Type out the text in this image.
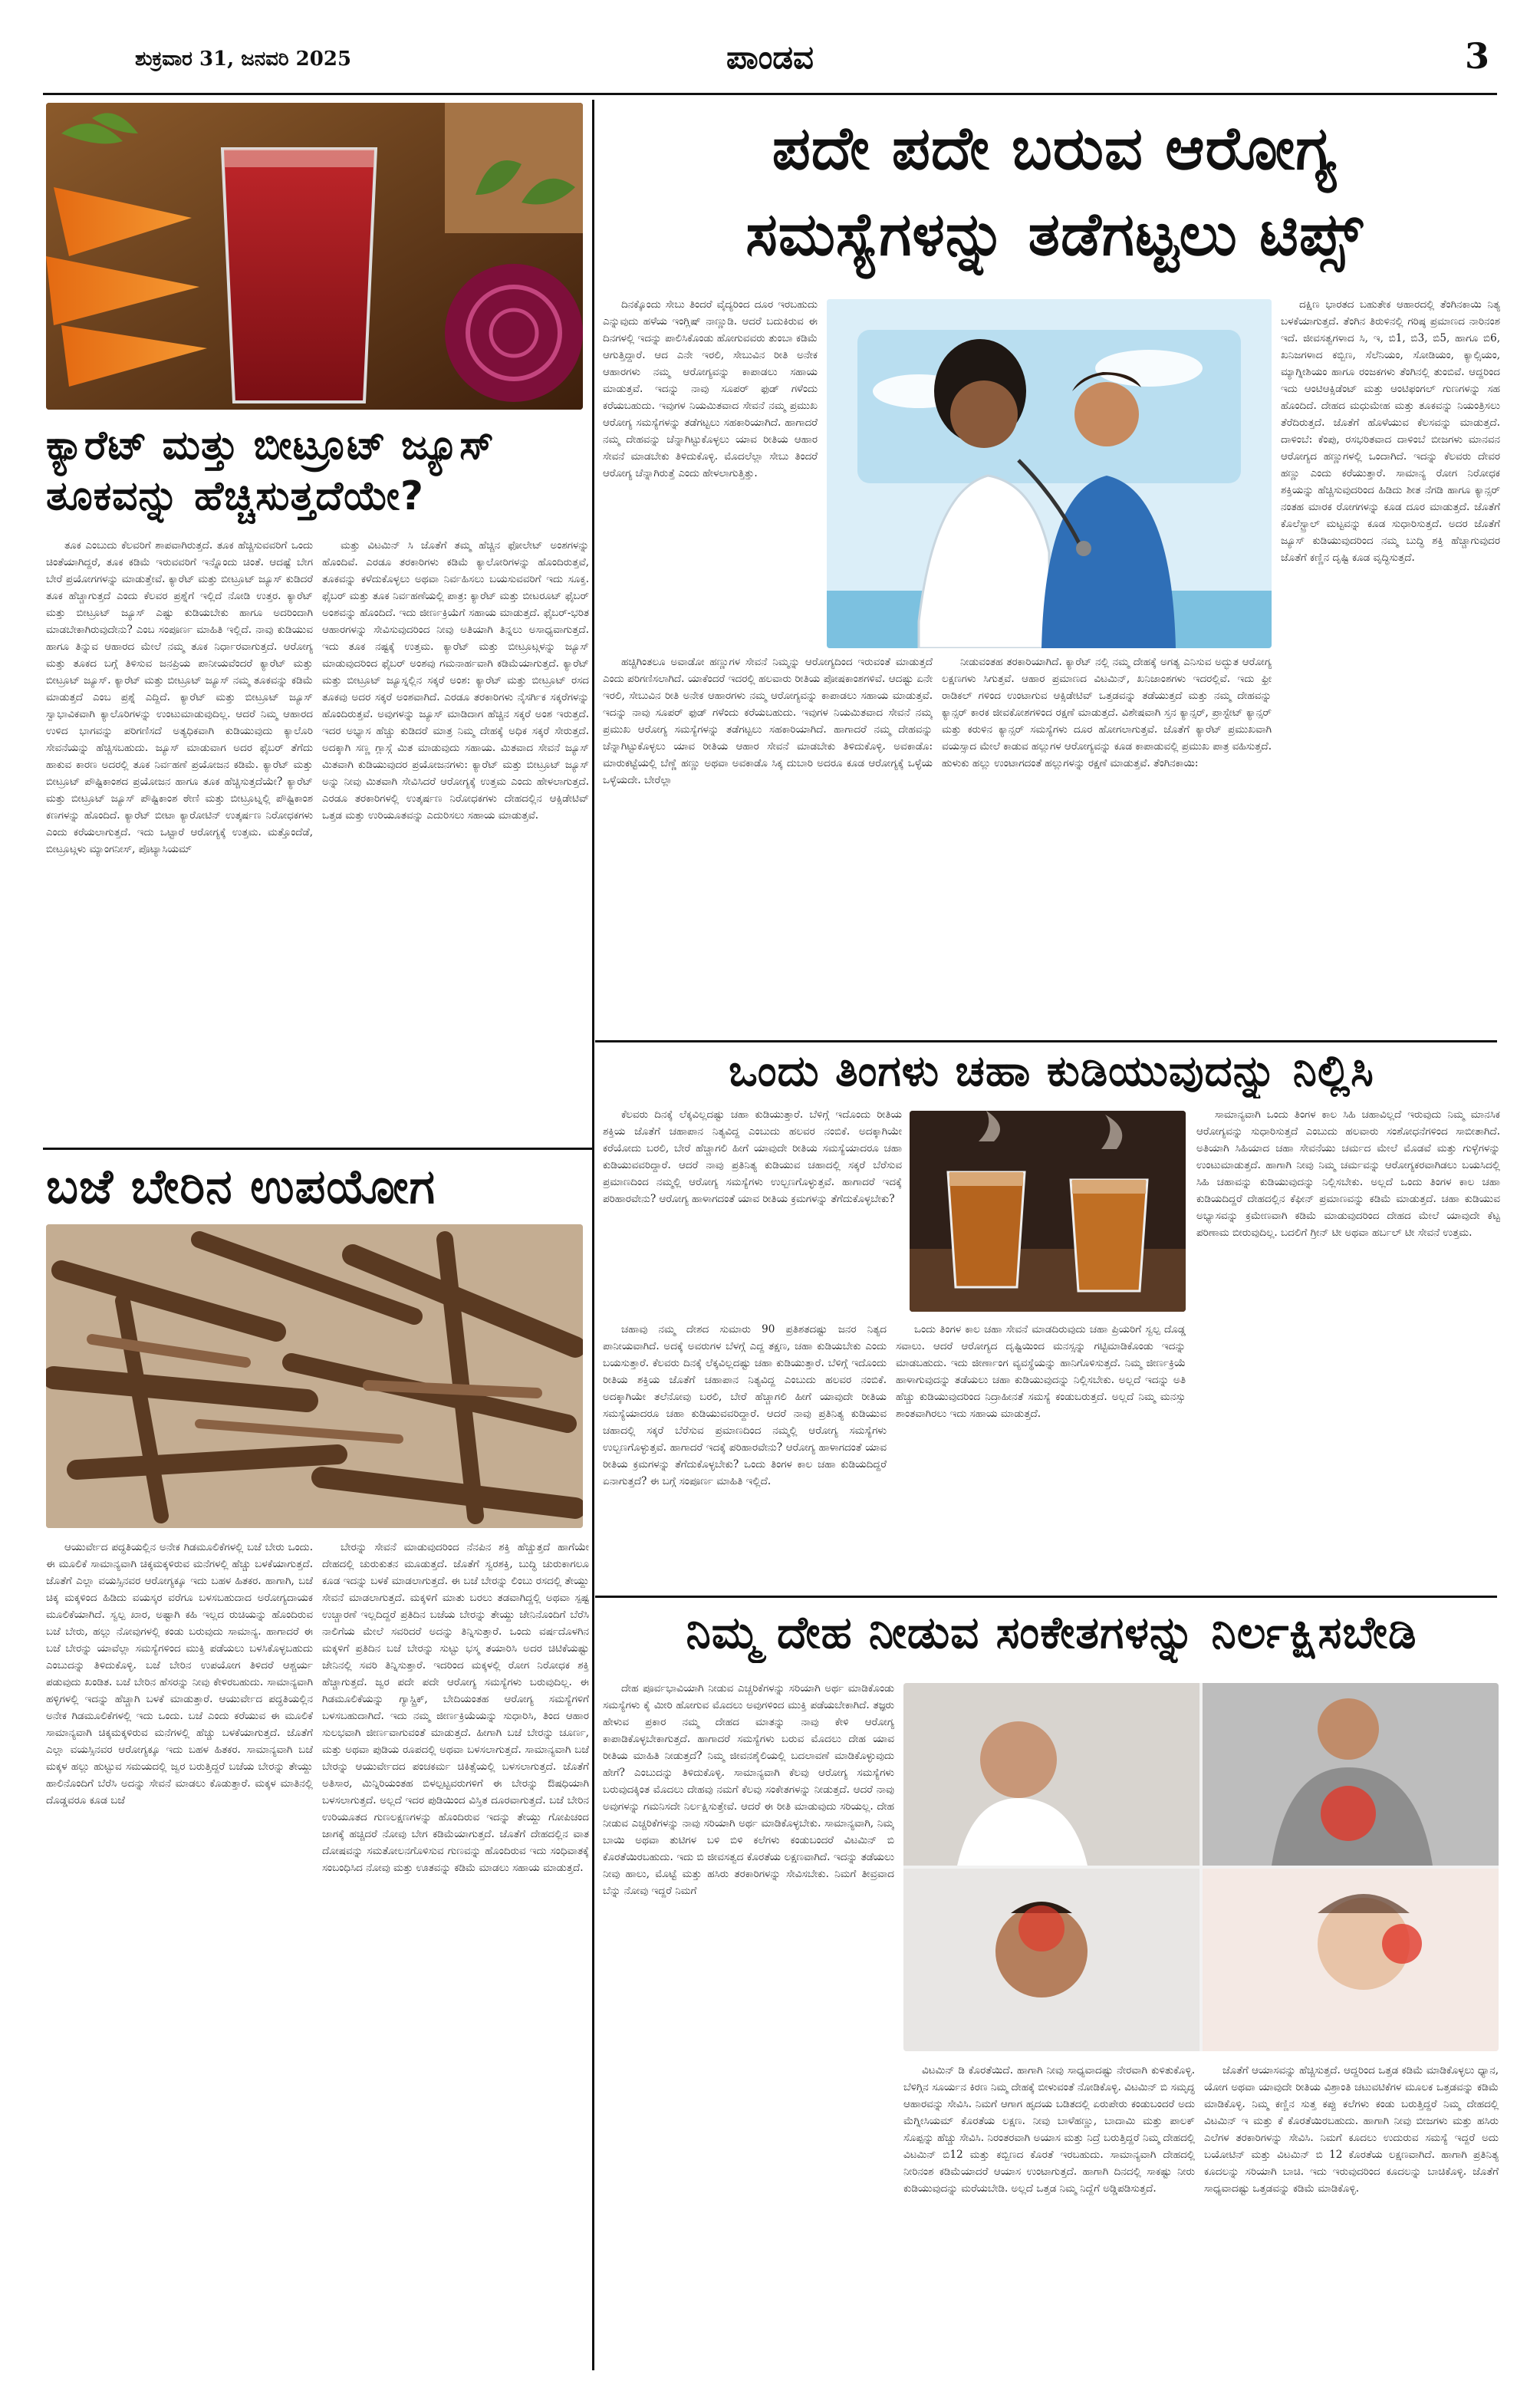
ಶುಕ್ರವಾರ 31, ಜನವರಿ 2025	ಪಾಂಡವ	3
ಕ್ಯಾರೆಟ್ ಮತ್ತು ಬೀಟ್ರೂಟ್ ಜ್ಯೂಸ್
ತೂಕವನ್ನು ಹೆಚ್ಚಿಸುತ್ತದೆಯೇ?

ತೂಕ ಎಂಬುದು ಕೆಲವರಿಗೆ ಶಾಪವಾಗಿರುತ್ತದೆ. ತೂಕ ಹೆಚ್ಚಿಸುವವರಿಗೆ ಒಂದು ಚಿಂತೆಯಾಗಿದ್ದರೆ, ತೂಕ ಕಡಿಮೆ ಇರುವವರಿಗೆ ಇನ್ನೊಂದು ಚಿಂತೆ. ಆದಷ್ಟೆ ಬೇಗ ಬೇರೆ ಪ್ರಯೋಗಗಳನ್ನು ಮಾಡುತ್ತೇವೆ. ಕ್ಯಾರೆಟ್ ಮತ್ತು ಬೀಟ್ರೂಟ್ ಜ್ಯೂಸ್ ಕುಡಿದರೆ ತೂಕ ಹೆಚ್ಚಾಗುತ್ತದೆ ಎಂದು ಕೆಲವರ ಪ್ರಶ್ನೆಗೆ ಇಲ್ಲಿದೆ ನೋಡಿ ಉತ್ತರ. ಕ್ಯಾರೆಟ್ ಮತ್ತು ಬೀಟ್ರೂಟ್ ಜ್ಯೂಸ್ ಎಷ್ಟು ಕುಡಿಯಬೇಕು ಹಾಗೂ ಅದರಿಂದಾಗಿ ಮಾಡಬೇಕಾಗಿರುವುದೇನು? ಎಂಬ ಸಂಪೂರ್ಣ ಮಾಹಿತಿ ಇಲ್ಲಿದೆ. ನಾವು ಕುಡಿಯುವ ಹಾಗೂ ತಿನ್ನುವ ಆಹಾರದ ಮೇಲೆ ನಮ್ಮ ತೂಕ ನಿರ್ಧಾರವಾಗುತ್ತದೆ. ಆರೋಗ್ಯ ಮತ್ತು ತೂಕದ ಬಗ್ಗೆ ತಿಳಿಸುವ ಜನಪ್ರಿಯ ಪಾನೀಯವೆಂದರೆ ಕ್ಯಾರೆಟ್ ಮತ್ತು ಬೀಟ್ರೂಟ್ ಜ್ಯೂಸ್. ಕ್ಯಾರೆಟ್ ಮತ್ತು ಬೀಟ್ರೂಟ್ ಜ್ಯೂಸ್ ನಮ್ಮ ತೂಕವನ್ನು ಕಡಿಮೆ ಮಾಡುತ್ತದೆ ಎಂಬ ಪ್ರಶ್ನೆ ಎದ್ದಿದೆ. ಕ್ಯಾರೆಟ್ ಮತ್ತು ಬೀಟ್ರೂಟ್ ಜ್ಯೂಸ್ ಸ್ವಾಭಾವಿಕವಾಗಿ ಕ್ಯಾಲೊರಿಗಳನ್ನು ಉಂಟುಮಾಡುವುದಿಲ್ಲ. ಆದರೆ ನಿಮ್ಮ ಆಹಾರದ ಉಳಿದ ಭಾಗವನ್ನು ಪರಿಗಣಿಸದೆ ಅತ್ಯಧಿಕವಾಗಿ ಕುಡಿಯುವುದು ಕ್ಯಾಲೊರಿ ಸೇವನೆಯನ್ನು ಹೆಚ್ಚಿಸಬಹುದು. ಜ್ಯೂಸ್ ಮಾಡುವಾಗ ಅದರ ಫೈಬರ್ ತೆಗೆದು ಹಾಕುವ ಕಾರಣ ಅದರಲ್ಲಿ ತೂಕ ನಿರ್ವಹಣೆ ಪ್ರಯೋಜನ ಕಡಿಮೆ. ಕ್ಯಾರೆಟ್ ಮತ್ತು ಬೀಟ್ರೂಟ್ ಪೌಷ್ಟಿಕಾಂಶದ ಪ್ರಯೋಜನ ಹಾಗೂ ತೂಕ ಹೆಚ್ಚಿಸುತ್ತದೆಯೇ? ಕ್ಯಾರೆಟ್ ಮತ್ತು ಬೀಟ್ರೂಟ್ ಜ್ಯೂಸ್ ಪೌಷ್ಟಿಕಾಂಶ ಠೇಣಿ ಮತ್ತು ಬೀಟ್ರೂಟ್ನಲ್ಲಿ ಪೌಷ್ಟಿಕಾಂಶ ಕಣಗಳನ್ನು ಹೊಂದಿದೆ. ಕ್ಯಾರೆಟ್ ಬೀಟಾ ಕ್ಯಾರೋಟಿನ್ ಉತ್ಕರ್ಷಣ ನಿರೋಧಕಗಳು ಎಂದು ಕರೆಯಲಾಗುತ್ತದೆ. ಇದು ಒಟ್ಟಾರೆ ಆರೋಗ್ಯಕ್ಕೆ ಉತ್ತಮ. ಮತ್ತೊಂದೆಡೆ, ಬೀಟ್ರೂಟ್ಗಳು ಮ್ಯಾಂಗನೀಸ್, ಪೊಟ್ಯಾಸಿಯಮ್

ಮತ್ತು ವಿಟಮಿನ್ ಸಿ ಜೊತೆಗೆ ತಮ್ಮ ಹೆಚ್ಚಿನ ಫೋಲೇಟ್ ಅಂಶಗಳನ್ನು ಹೊಂದಿವೆ. ಎರಡೂ ತರಕಾರಿಗಳು ಕಡಿಮೆ ಕ್ಯಾಲೋರಿಗಳನ್ನು ಹೊಂದಿರುತ್ತವೆ, ತೂಕವನ್ನು ಕಳೆದುಕೊಳ್ಳಲು ಅಥವಾ ನಿರ್ವಹಿಸಲು ಬಯಸುವವರಿಗೆ ಇದು ಸೂಕ್ತ. ಫೈಬರ್ ಮತ್ತು ತೂಕ ನಿರ್ವಹಣೆಯಲ್ಲಿ ಪಾತ್ರ: ಕ್ಯಾರೆಟ್ ಮತ್ತು ಬೀಟರೂಟ್ ಫೈಬರ್ ಅಂಶವನ್ನು ಹೊಂದಿದೆ. ಇದು ಜೀರ್ಣಕ್ರಿಯೆಗೆ ಸಹಾಯ ಮಾಡುತ್ತದೆ. ಫೈಬರ್-ಭರಿತ ಆಹಾರಗಳನ್ನು ಸೇವಿಸುವುದರಿಂದ ನೀವು ಅತಿಯಾಗಿ ತಿನ್ನಲು ಅಸಾಧ್ಯವಾಗುತ್ತದೆ. ಇದು ತೂಕ ನಷ್ಟಕ್ಕೆ ಉತ್ತಮ. ಕ್ಯಾರೆಟ್ ಮತ್ತು ಬೀಟ್ರೂಟ್ಗಳನ್ನು ಜ್ಯೂಸ್ ಮಾಡುವುದರಿಂದ ಫೈಬರ್ ಅಂಶವು ಗಮನಾರ್ಹವಾಗಿ ಕಡಿಮೆಯಾಗುತ್ತದೆ. ಕ್ಯಾರೆಟ್ ಮತ್ತು ಬೀಟ್ರೂಟ್ ಜ್ಯೂಸ್ನಲ್ಲಿನ ಸಕ್ಕರೆ ಅಂಶ: ಕ್ಯಾರೆಟ್ ಮತ್ತು ಬೀಟ್ರೂಟ್ ರಸದ ತೂಕವು ಅದರ ಸಕ್ಕರೆ ಅಂಶವಾಗಿದೆ. ಎರಡೂ ತರಕಾರಿಗಳು ನೈಸರ್ಗಿಕ ಸಕ್ಕರೆಗಳನ್ನು ಹೊಂದಿರುತ್ತವೆ. ಅವುಗಳನ್ನು ಜ್ಯೂಸ್ ಮಾಡಿದಾಗ ಹೆಚ್ಚಿನ ಸಕ್ಕರೆ ಅಂಶ ಇರುತ್ತದೆ. ಇದರ ಅಭ್ಯಾಸ ಹೆಚ್ಚು ಕುಡಿದರೆ ಮಾತ್ರ ನಿಮ್ಮ ದೇಹಕ್ಕೆ ಅಧಿಕ ಸಕ್ಕರೆ ಸೇರುತ್ತದೆ. ಅದಕ್ಕಾಗಿ ಸಣ್ಣ ಗ್ಲಾಸ್ಗೆ ಮಿತ ಮಾಡುವುದು ಸಹಾಯ. ಮಿತವಾದ ಸೇವನೆ ಜ್ಯೂಸ್ ಮಿತವಾಗಿ ಕುಡಿಯುವುದರ ಪ್ರಯೋಜನಗಳು: ಕ್ಯಾರೆಟ್ ಮತ್ತು ಬೀಟ್ರೂಟ್ ಜ್ಯೂಸ್ ಅನ್ನು ನೀವು ಮಿತವಾಗಿ ಸೇವಿಸಿದರೆ ಆರೋಗ್ಯಕ್ಕೆ ಉತ್ತಮ ಎಂದು ಹೇಳಲಾಗುತ್ತದೆ. ಎರಡೂ ತರಕಾರಿಗಳಲ್ಲಿ ಉತ್ಕರ್ಷಣ ನಿರೋಧಕಗಳು ದೇಹದಲ್ಲಿನ ಆಕ್ಸಿಡೇಟಿವ್ ಒತ್ತಡ ಮತ್ತು ಉರಿಯೂತವನ್ನು ಎದುರಿಸಲು ಸಹಾಯ ಮಾಡುತ್ತವೆ.

ಬಜೆ ಬೇರಿನ ಉಪಯೋಗ

ಆಯುರ್ವೇದ ಪದ್ಧತಿಯಲ್ಲಿನ ಅನೇಕ ಗಿಡಮೂಲಿಕೆಗಳಲ್ಲಿ ಬಜೆ ಬೇರು ಒಂದು. ಈ ಮೂಲಿಕೆ ಸಾಮಾನ್ಯವಾಗಿ ಚಿಕ್ಕಮಕ್ಕಳಿರುವ ಮನೆಗಳಲ್ಲಿ ಹೆಚ್ಚು ಬಳಕೆಯಾಗುತ್ತದೆ. ಜೊತೆಗೆ ಎಲ್ಲಾ ವಯಸ್ಸಿನವರ ಆರೋಗ್ಯಕ್ಕೂ ಇದು ಬಹಳ ಹಿತಕರ. ಹಾಗಾಗಿ, ಬಜೆ ಚಿಕ್ಕ ಮಕ್ಕಳಿಂದ ಹಿಡಿದು ವಯಸ್ಕರ ವರೆಗೂ ಬಳಸಬಹುದಾದ ಅರೋಗ್ಯದಾಯಕ ಮೂಲಿಕೆಯಾಗಿದೆ. ಸ್ವಲ್ಪ ಖಾರ, ಅಷ್ಟಾಗಿ ಕಹಿ ಇಲ್ಲದ ರುಚಿಯನ್ನು ಹೊಂದಿರುವ ಬಜೆ ಬೇರು, ಹಲ್ಲು ನೋವುಗಳಲ್ಲಿ ಕಂಡು ಬರುವುದು ಸಾಮಾನ್ಯ. ಹಾಗಾದರೆ ಈ ಬಜೆ ಬೇರನ್ನು ಯಾವೆಲ್ಲಾ ಸಮಸ್ಯೆಗಳಿಂದ ಮುಕ್ತಿ ಪಡೆಯಲು ಬಳಸಿಕೊಳ್ಳಬಹುದು ಎಂಬುದನ್ನು ತಿಳಿದುಕೊಳ್ಳಿ. ಬಜೆ ಬೇರಿನ ಉಪಯೋಗ ತಿಳಿದರೆ ಆಶ್ಚರ್ಯ ಪಡುವುದು ಖಂಡಿತ. ಬಜೆ ಬೇರಿನ ಹೆಸರನ್ನು ನೀವು ಕೇಳಿರಬಹುದು. ಸಾಮಾನ್ಯವಾಗಿ ಹಳ್ಳಿಗಳಲ್ಲಿ ಇದನ್ನು ಹೆಚ್ಚಾಗಿ ಬಳಕೆ ಮಾಡುತ್ತಾರೆ. ಆಯುರ್ವೇದ ಪದ್ಧತಿಯಲ್ಲಿನ ಅನೇಕ ಗಿಡಮೂಲಿಕೆಗಳಲ್ಲಿ ಇದು ಒಂದು. ಬಜೆ ಎಂದು ಕರೆಯುವ ಈ ಮೂಲಿಕೆ ಸಾಮಾನ್ಯವಾಗಿ ಚಿಕ್ಕಮಕ್ಕಳಿರುವ ಮನೆಗಳಲ್ಲಿ ಹೆಚ್ಚು ಬಳಕೆಯಾಗುತ್ತದೆ. ಜೊತೆಗೆ ಎಲ್ಲಾ ವಯಸ್ಸಿನವರ ಆರೋಗ್ಯಕ್ಕೂ ಇದು ಬಹಳ ಹಿತಕರ. ಸಾಮಾನ್ಯವಾಗಿ ಬಜೆ ಮಕ್ಕಳ ಹಲ್ಲು ಹುಟ್ಟುವ ಸಮಯದಲ್ಲಿ ಜ್ವರ ಬರುತ್ತಿದ್ದರೆ ಬಜೆಯ ಬೇರನ್ನು ತೇಯ್ದು ಹಾಲಿನೊಂದಿಗೆ ಬೆರೆಸಿ ಅದನ್ನು ಸೇವನೆ ಮಾಡಲು ಕೊಡುತ್ತಾರೆ. ಮಕ್ಕಳ ಮಾತಿನಲ್ಲಿ ದೊಡ್ಡವರೂ ಕೂಡ ಬಜೆ

ಬೇರನ್ನು ಸೇವನೆ ಮಾಡುವುದರಿಂದ ನೆನಪಿನ ಶಕ್ತಿ ಹೆಚ್ಚುತ್ತದೆ ಹಾಗೆಯೇ ದೇಹದಲ್ಲಿ ಚುರುಕುತನ ಮೂಡುತ್ತದೆ. ಜೊತೆಗೆ ಸ್ವರಶಕ್ತಿ, ಬುದ್ಧಿ ಚುರುಕಾಗಲೂ ಕೂಡ ಇದನ್ನು ಬಳಕೆ ಮಾಡಲಾಗುತ್ತದೆ. ಈ ಬಜೆ ಬೇರನ್ನು ಲಿಂಬು ರಸದಲ್ಲಿ ತೇಯ್ದು ಸೇವನೆ ಮಾಡಲಾಗುತ್ತದೆ. ಮಕ್ಕಳಿಗೆ ಮಾತು ಬರಲು ತಡವಾಗಿದ್ದಲ್ಲಿ ಅಥವಾ ಸ್ಪಷ್ಟ ಉಚ್ಚಾರಣೆ ಇಲ್ಲದಿದ್ದರೆ ಪ್ರತಿದಿನ ಬಜೆಯ ಬೇರನ್ನು ತೇಯ್ದು ಜೇನಿನೊಂದಿಗೆ ಬೆರೆಸಿ ನಾಲಿಗೆಯ ಮೇಲೆ ಸವರಿದರೆ ಅದನ್ನು ತಿನ್ನಿಸುತ್ತಾರೆ. ಒಂದು ವರ್ಷದೊಳಗಿನ ಮಕ್ಕಳಿಗೆ ಪ್ರತಿದಿನ ಬಜೆ ಬೇರನ್ನು ಸುಟ್ಟು ಭಸ್ಮ ತಯಾರಿಸಿ ಅದರ ಚಿಟಿಕೆಯಷ್ಟು ಜೇನಿನಲ್ಲಿ ಸವರಿ ತಿನ್ನಿಸುತ್ತಾರೆ. ಇದರಿಂದ ಮಕ್ಕಳಲ್ಲಿ ರೋಗ ನಿರೋಧಕ ಶಕ್ತಿ ಹೆಚ್ಚಾಗುತ್ತದೆ. ಜ್ವರ ಪದೇ ಪದೇ ಆರೋಗ್ಯ ಸಮಸ್ಯೆಗಳು ಬರುವುದಿಲ್ಲ. ಈ ಗಿಡಮೂಲಿಕೆಯನ್ನು ಗ್ಯಾಸ್ಟ್ರಿಕ್, ಬೇದಿಯಂತಹ ಆರೋಗ್ಯ ಸಮಸ್ಯೆಗಳಿಗೆ ಬಳಸಬಹುದಾಗಿದೆ. ಇದು ನಮ್ಮ ಜೀರ್ಣಕ್ರಿಯೆಯನ್ನು ಸುಧಾರಿಸಿ, ತಿಂದ ಆಹಾರ ಸುಲಭವಾಗಿ ಜೀರ್ಣವಾಗುವಂತೆ ಮಾಡುತ್ತದೆ. ಹೀಗಾಗಿ ಬಜೆ ಬೇರನ್ನು ಚೂರ್ಣ, ಮತ್ತು ಅಥವಾ ಪುಡಿಯ ರೂಪದಲ್ಲಿ ಅಥವಾ ಬಳಸಲಾಗುತ್ತದೆ. ಸಾಮಾನ್ಯವಾಗಿ ಬಜೆ ಬೇರನ್ನು ಆಯುರ್ವೇದದ ಪಂಚಕರ್ಮ ಚಿಕಿತ್ಸೆಯಲ್ಲಿ ಬಳಸಲಾಗುತ್ತದೆ. ಜೊತೆಗೆ ಅತಿಸಾರ, ಮಿನ್ನಿರಿಯಂತಹ ಬಿಳಲ್ಪಟ್ಟವರುಗಳಿಗೆ ಈ ಬೇರನ್ನು ಔಷಧಿಯಾಗಿ ಬಳಸಲಾಗುತ್ತದೆ. ಅಲ್ಲದೆ ಇದರ ಪುಡಿಯಿಂದ ವಿಸ್ತಿತ ದೂರವಾಗುತ್ತದೆ. ಬಜೆ ಬೇರಿನ ಉರಿಯೂತದ ಗುಣಲಕ್ಷಣಗಳನ್ನು ಹೊಂದಿರುವ ಇದನ್ನು ತೇಯ್ದು ಗೋಪಿಚಂದ ಜಾಗಕ್ಕೆ ಹಚ್ಚಿದರೆ ನೋವು ಬೇಗ ಕಡಿಮೆಯಾಗುತ್ತದೆ. ಜೊತೆಗೆ ದೇಹದಲ್ಲಿನ ವಾತ ದೋಷವನ್ನು ಸಮತೋಲನಗೊಳಿಸುವ ಗುಣವನ್ನು ಹೊಂದಿರುವ ಇದು ಸಂಧಿವಾತಕ್ಕೆ ಸಂಬಂಧಿಸಿದ ನೋವು ಮತ್ತು ಊತವನ್ನು ಕಡಿಮೆ ಮಾಡಲು ಸಹಾಯ ಮಾಡುತ್ತದೆ.

ಪದೇ ಪದೇ ಬರುವ ಆರೋಗ್ಯ
ಸಮಸ್ಯೆಗಳನ್ನು ತಡೆಗಟ್ಟಲು ಟಿಪ್ಸ್

ದಿನಕ್ಕೊಂದು ಸೇಬು ತಿಂದರೆ ವೈದ್ಯರಿಂದ ದೂರ ಇರಬಹುದು ಎನ್ನುವುದು ಹಳೆಯ ಇಂಗ್ಲಿಷ್ ನಾಣ್ಣುಡಿ. ಆದರೆ ಬದುಕಿರುವ ಈ ದಿನಗಳಲ್ಲಿ ಇದನ್ನು ಪಾಲಿಸಿಕೊಂಡು ಹೋಗುವವರು ತುಂಬಾ ಕಡಿಮೆ ಆಗುತ್ತಿದ್ದಾರೆ. ಆದ ಎನೇ ಇರಲಿ, ಸೇಬುವಿನ ರೀತಿ ಅನೇಕ ಆಹಾರಗಳು ನಮ್ಮ ಆರೋಗ್ಯವನ್ನು ಕಾಪಾಡಲು ಸಹಾಯ ಮಾಡುತ್ತವೆ. ಇದನ್ನು ನಾವು ಸೂಪರ್ ಫುಡ್ ಗಳೆಂದು ಕರೆಯಬಹುದು. ಇವುಗಳ ನಿಯಮಿತವಾದ ಸೇವನೆ ನಮ್ಮ ಪ್ರಮುಖ ಆರೋಗ್ಯ ಸಮಸ್ಯೆಗಳನ್ನು ತಡೆಗಟ್ಟಲು ಸಹಕಾರಿಯಾಗಿದೆ. ಹಾಗಾದರೆ ನಮ್ಮ ದೇಹವನ್ನು ಚೆನ್ನಾಗಿಟ್ಟುಕೊಳ್ಳಲು ಯಾವ ರೀತಿಯ ಆಹಾರ ಸೇವನೆ ಮಾಡಬೇಕು ತಿಳಿದುಕೊಳ್ಳಿ. ಮೊದಲೆಲ್ಲಾ ಸೇಬು ತಿಂದರೆ ಆರೋಗ್ಯ ಚೆನ್ನಾಗಿರುತ್ತೆ ಎಂದು ಹೇಳಲಾಗುತ್ತಿತ್ತು.

ದಕ್ಷಿಣ ಭಾರತದ ಬಹುತೇಕ ಆಹಾರದಲ್ಲಿ ತೆಂಗಿನಕಾಯಿ ನಿತ್ಯ ಬಳಕೆಯಾಗುತ್ತದೆ. ತೆಂಗಿನ ತಿರುಳಿನಲ್ಲಿ ಗರಿಷ್ಠ ಪ್ರಮಾಣದ ನಾರಿನಂಶ ಇದೆ. ಜೀವಸತ್ವಗಳಾದ ಸಿ, ಇ, ಬಿ1, ಬಿ3, ಬಿ5, ಹಾಗೂ ಬಿ6, ಖನಿಜಗಳಾದ ಕಬ್ಬಿಣ, ಸೆಲೆನಿಯಂ, ಸೋಡಿಯಂ, ಕ್ಯಾಲ್ಸಿಯಂ, ಮ್ಯಾಗ್ನೀಶಿಯಂ ಹಾಗೂ ರಂಜಕಗಳು ತೆಂಗಿನಲ್ಲಿ ತುಂಬಿವೆ. ಆದ್ದರಿಂದ ಇದು ಆಂಟಿಆಕ್ಸಿಡೆಂಟ್ ಮತ್ತು ಆಂಟಿಫಂಗಲ್ ಗುಣಗಳನ್ನು ಸಹ ಹೊಂದಿದೆ. ದೇಹದ ಮಧುಮೇಹ ಮತ್ತು ತೂಕವನ್ನು ನಿಯಂತ್ರಿಸಲು ತೆರೆದಿರುತ್ತದೆ. ಜೊತೆಗೆ ಹೊಳೆಯುವ ಕೆಲಸವನ್ನು ಮಾಡುತ್ತದೆ. ದಾಳಿಂಬೆ: ಕೆಂಪು, ರಸಭರಿತವಾದ ದಾಳಿಂಬೆ ಬೀಜಗಳು ಮಾನವನ ಆರೋಗ್ಯದ ಹಣ್ಣುಗಳಲ್ಲಿ ಒಂದಾಗಿದೆ. ಇದನ್ನು ಕೆಲವರು ದೇವರ ಹಣ್ಣು ಎಂದು ಕರೆಯುತ್ತಾರೆ. ಸಾಮಾನ್ಯ ರೋಗ ನಿರೋಧಕ ಶಕ್ತಿಯನ್ನು ಹೆಚ್ಚಿಸುವುದರಿಂದ ಹಿಡಿದು ಶೀತ ನೆಗಡಿ ಹಾಗೂ ಕ್ಯಾನ್ಸರ್ ನಂತಹ ಮಾರಕ ರೋಗಗಳನ್ನು ಕೂಡ ದೂರ ಮಾಡುತ್ತದೆ. ಜೊತೆಗೆ ಕೊಲೆಸ್ಟ್ರಾಲ್ ಮಟ್ಟವನ್ನು ಕೂಡ ಸುಧಾರಿಸುತ್ತದೆ. ಅದರ ಜೊತೆಗೆ ಜ್ಯೂಸ್ ಕುಡಿಯುವುದರಿಂದ ನಮ್ಮ ಬುದ್ಧಿ ಶಕ್ತಿ ಹೆಚ್ಚಾಗುವುದರ ಜೊತೆಗೆ ಕಣ್ಣಿನ ದೃಷ್ಟಿ ಕೂಡ ವೃದ್ಧಿಸುತ್ತದೆ.

ಹಚ್ಚಿಗಿಂತಲೂ ಅವಾಡೋ ಹಣ್ಣುಗಳ ಸೇವನೆ ನಿಮ್ಮನ್ನು ಆರೋಗ್ಯದಿಂದ ಇರುವಂತೆ ಮಾಡುತ್ತದೆ ಎಂದು ಪರಿಗಣಿಸಲಾಗಿದೆ. ಯಾಕೆಂದರೆ ಇದರಲ್ಲಿ ಹಲವಾರು ರೀತಿಯ ಪೋಷಕಾಂಶಗಳಿವೆ. ಆದಷ್ಟು ಏನೇ ಇರಲಿ, ಸೇಬುವಿನ ರೀತಿ ಅನೇಕ ಆಹಾರಗಳು ನಮ್ಮ ಆರೋಗ್ಯವನ್ನು ಕಾಪಾಡಲು ಸಹಾಯ ಮಾಡುತ್ತವೆ. ಇದನ್ನು ನಾವು ಸೂಪರ್ ಫುಡ್ ಗಳೆಂದು ಕರೆಯಬಹುದು. ಇವುಗಳ ನಿಯಮಿತವಾದ ಸೇವನೆ ನಮ್ಮ ಪ್ರಮುಖ ಆರೋಗ್ಯ ಸಮಸ್ಯೆಗಳನ್ನು ತಡೆಗಟ್ಟಲು ಸಹಕಾರಿಯಾಗಿದೆ. ಹಾಗಾದರೆ ನಮ್ಮ ದೇಹವನ್ನು ಚೆನ್ನಾಗಿಟ್ಟುಕೊಳ್ಳಲು ಯಾವ ರೀತಿಯ ಆಹಾರ ಸೇವನೆ ಮಾಡಬೇಕು ತಿಳಿದುಕೊಳ್ಳಿ. ಅವಕಾಡೊ: ಮಾರುಕಟ್ಟೆಯಲ್ಲಿ ಬೆಣ್ಣೆ ಹಣ್ಣು ಅಥವಾ ಅವಕಾಡೊ ಸಿಕ್ಕ ದುಬಾರಿ ಅದರೂ ಕೂಡ ಆರೋಗ್ಯಕ್ಕೆ ಒಳ್ಳೆಯ ಒಳ್ಳೆಯದೇ. ಬೇರೆಲ್ಲಾ

ನೀಡುವಂತಹ ತರಕಾರಿಯಾಗಿದೆ. ಕ್ಯಾರೆಟ್ ನಲ್ಲಿ ನಮ್ಮ ದೇಹಕ್ಕೆ ಅಗತ್ಯ ಎನಿಸುವ ಅದ್ಭುತ ಆರೋಗ್ಯ ಲಕ್ಷಣಗಳು ಸಿಗುತ್ತವೆ. ಆಹಾರ ಪ್ರಮಾಣದ ವಿಟಮಿನ್, ಖನಿಜಾಂಶಗಳು ಇದರಲ್ಲಿವೆ. ಇದು ಫ್ರೀ ರಾಡಿಕಲ್ ಗಳಿಂದ ಉಂಟಾಗುವ ಆಕ್ಸಿಡೇಟಿವ್ ಒತ್ತಡವನ್ನು ತಡೆಯುತ್ತದೆ ಮತ್ತು ನಮ್ಮ ದೇಹವನ್ನು ಕ್ಯಾನ್ಸರ್ ಕಾರಕ ಜೀವಕೋಶಗಳಿಂದ ರಕ್ಷಣೆ ಮಾಡುತ್ತದೆ. ವಿಶೇಷವಾಗಿ ಸ್ತನ ಕ್ಯಾನ್ಸರ್, ಪ್ರಾಸ್ಟೇಟ್ ಕ್ಯಾನ್ಸರ್ ಮತ್ತು ಕರುಳಿನ ಕ್ಯಾನ್ಸರ್ ಸಮಸ್ಯೆಗಳು ದೂರ ಹೋಗಲಾಗುತ್ತವೆ. ಜೊತೆಗೆ ಕ್ಯಾರೆಟ್ ಪ್ರಮುಖವಾಗಿ ವಯಸ್ಸಾದ ಮೇಲೆ ಕಾಡುವ ಹಲ್ಲುಗಳ ಆರೋಗ್ಯವನ್ನು ಕೂಡ ಕಾಪಾಡುವಲ್ಲಿ ಪ್ರಮುಖ ಪಾತ್ರ ವಹಿಸುತ್ತದೆ. ಹುಳುಕು ಹಲ್ಲು ಉಂಟಾಗದಂತೆ ಹಲ್ಲುಗಳನ್ನು ರಕ್ಷಣೆ ಮಾಡುತ್ತವೆ. ತೆಂಗಿನಕಾಯಿ:

ಒಂದು ತಿಂಗಳು ಚಹಾ ಕುಡಿಯುವುದನ್ನು ನಿಲ್ಲಿಸಿ

ಕೆಲವರು ದಿನಕ್ಕೆ ಲೆಕ್ಕವಿಲ್ಲದಷ್ಟು ಚಹಾ ಕುಡಿಯುತ್ತಾರೆ. ಬೆಳಿಗ್ಗೆ ಇದೊಂದು ರೀತಿಯ ಶಕ್ತಿಯ ಜೊತೆಗೆ ಚಹಾಪಾನ ನಿತ್ಯವಿದ್ದ ಎಂಬುದು ಹಲವರ ನಂಬಿಕೆ. ಅದಕ್ಕಾಗಿಯೇ ಕರೆಯೋದು ಬರಲಿ, ಬೇರೆ ಹೆಚ್ಚಾಗಲಿ ಹೀಗೆ ಯಾವುದೇ ರೀತಿಯ ಸಮಸ್ಯೆಯಾದರೂ ಚಹಾ ಕುಡಿಯುವವರಿದ್ದಾರೆ. ಆದರೆ ನಾವು ಪ್ರತಿನಿತ್ಯ ಕುಡಿಯುವ ಚಹಾದಲ್ಲಿ ಸಕ್ಕರೆ ಬೆರೆಸುವ ಪ್ರಮಾಣದಿಂದ ನಮ್ಮಲ್ಲಿ ಆರೋಗ್ಯ ಸಮಸ್ಯೆಗಳು ಉಲ್ಬಣಗೊಳ್ಳುತ್ತವೆ. ಹಾಗಾದರೆ ಇದಕ್ಕೆ ಪರಿಹಾರವೇನು? ಆರೋಗ್ಯ ಹಾಳಾಗದಂತೆ ಯಾವ ರೀತಿಯ ಕ್ರಮಗಳನ್ನು ತೆಗೆದುಕೊಳ್ಳಬೇಕು?

ಚಹಾವು ನಮ್ಮ ದೇಶದ ಸುಮಾರು 90 ಪ್ರತಿಶತದಷ್ಟು ಜನರ ನಿತ್ಯದ ಪಾನೀಯವಾಗಿದೆ. ಅದಕ್ಕೆ ಅವರುಗಳ ಬೆಳಗ್ಗೆ ಎದ್ದ ತಕ್ಷಣ, ಚಹಾ ಕುಡಿಯಬೇಕು ಎಂದು ಬಯಸುತ್ತಾರೆ. ಕೆಲವರು ದಿನಕ್ಕೆ ಲೆಕ್ಕವಿಲ್ಲದಷ್ಟು ಚಹಾ ಕುಡಿಯುತ್ತಾರೆ. ಬೆಳಿಗ್ಗೆ ಇದೊಂದು ರೀತಿಯ ಶಕ್ತಿಯ ಜೊತೆಗೆ ಚಹಾಪಾನ ನಿತ್ಯವಿದ್ದ ಎಂಬುದು ಹಲವರ ನಂಬಿಕೆ. ಅದಕ್ಕಾಗಿಯೇ ತಲೆನೋವು ಬರಲಿ, ಬೇರೆ ಹೆಚ್ಚಾಗಲಿ ಹೀಗೆ ಯಾವುದೇ ರೀತಿಯ ಸಮಸ್ಯೆಯಾದರೂ ಚಹಾ ಕುಡಿಯುವವರಿದ್ದಾರೆ. ಆದರೆ ನಾವು ಪ್ರತಿನಿತ್ಯ ಕುಡಿಯುವ ಚಹಾದಲ್ಲಿ ಸಕ್ಕರೆ ಬೆರೆಸುವ ಪ್ರಮಾಣದಿಂದ ನಮ್ಮಲ್ಲಿ ಆರೋಗ್ಯ ಸಮಸ್ಯೆಗಳು ಉಲ್ಬಣಗೊಳ್ಳುತ್ತವೆ. ಹಾಗಾದರೆ ಇದಕ್ಕೆ ಪರಿಹಾರವೇನು? ಆರೋಗ್ಯ ಹಾಳಾಗದಂತೆ ಯಾವ ರೀತಿಯ ಕ್ರಮಗಳನ್ನು ತೆಗೆದುಕೊಳ್ಳಬೇಕು? ಒಂದು ತಿಂಗಳ ಕಾಲ ಚಹಾ ಕುಡಿಯದಿದ್ದರೆ ಏನಾಗುತ್ತದೆ? ಈ ಬಗ್ಗೆ ಸಂಪೂರ್ಣ ಮಾಹಿತಿ ಇಲ್ಲಿದೆ.

ಒಂದು ತಿಂಗಳ ಕಾಲ ಚಹಾ ಸೇವನೆ ಮಾಡದಿರುವುದು ಚಹಾ ಪ್ರಿಯರಿಗೆ ಸ್ವಲ್ಪ ದೊಡ್ಡ ಸವಾಲು. ಆದರೆ ಆರೋಗ್ಯದ ದೃಷ್ಟಿಯಿಂದ ಮನಸ್ಸನ್ನು ಗಟ್ಟಿಮಾಡಿಕೊಂಡು ಇದನ್ನು ಮಾಡಬಹುದು. ಇದು ಜೀರ್ಣಾಂಗ ವ್ಯವಸ್ಥೆಯನ್ನು ಹಾನಿಗೊಳಿಸುತ್ತದೆ. ನಿಮ್ಮ ಜೀರ್ಣಕ್ರಿಯೆ ಹಾಳಾಗುವುದನ್ನು ತಡೆಯಲು ಚಹಾ ಕುಡಿಯುವುದನ್ನು ನಿಲ್ಲಿಸಬೇಕು. ಅಲ್ಲದೆ ಇದನ್ನು ಅತಿ ಹೆಚ್ಚು ಕುಡಿಯುವುದರಿಂದ ನಿದ್ರಾಹೀನತೆ ಸಮಸ್ಯೆ ಕಂಡುಬರುತ್ತದೆ. ಅಲ್ಲದೆ ನಿಮ್ಮ ಮನಸ್ಸು ಶಾಂತವಾಗಿರಲು ಇದು ಸಹಾಯ ಮಾಡುತ್ತದೆ.

ಸಾಮಾನ್ಯವಾಗಿ ಒಂದು ತಿಂಗಳ ಕಾಲ ಸಿಹಿ ಚಹಾವಿಲ್ಲದೆ ಇರುವುದು ನಿಮ್ಮ ಮಾನಸಿಕ ಆರೋಗ್ಯವನ್ನು ಸುಧಾರಿಸುತ್ತದೆ ಎಂಬುದು ಹಲವಾರು ಸಂಶೋಧನೆಗಳಿಂದ ಸಾಬೀತಾಗಿದೆ. ಅತಿಯಾಗಿ ಸಿಹಿಯಾದ ಚಹಾ ಸೇವನೆಯು ಚರ್ಮದ ಮೇಲೆ ಮೊಡವೆ ಮತ್ತು ಗುಳ್ಳೆಗಳನ್ನು ಉಂಟುಮಾಡುತ್ತದೆ. ಹಾಗಾಗಿ ನೀವು ನಿಮ್ಮ ಚರ್ಮವನ್ನು ಆರೋಗ್ಯಕರವಾಗಿಡಲು ಬಯಸಿದಲ್ಲಿ ಸಿಹಿ ಚಹಾವನ್ನು ಕುಡಿಯುವುದನ್ನು ನಿಲ್ಲಿಸಬೇಕು. ಅಲ್ಲದೆ ಒಂದು ತಿಂಗಳ ಕಾಲ ಚಹಾ ಕುಡಿಯದಿದ್ದರೆ ದೇಹದಲ್ಲಿನ ಕೆಫೀನ್ ಪ್ರಮಾಣವನ್ನು ಕಡಿಮೆ ಮಾಡುತ್ತದೆ. ಚಹಾ ಕುಡಿಯುವ ಅಭ್ಯಾಸವನ್ನು ಕ್ರಮೇಣವಾಗಿ ಕಡಿಮೆ ಮಾಡುವುದರಿಂದ ದೇಹದ ಮೇಲೆ ಯಾವುದೇ ಕೆಟ್ಟ ಪರಿಣಾಮ ಬೀರುವುದಿಲ್ಲ. ಬದಲಿಗೆ ಗ್ರೀನ್ ಟೀ ಅಥವಾ ಹರ್ಬಲ್ ಟೀ ಸೇವನೆ ಉತ್ತಮ.

ನಿಮ್ಮ ದೇಹ ನೀಡುವ ಸಂಕೇತಗಳನ್ನು ನಿರ್ಲಕ್ಷಿಸಬೇಡಿ

ದೇಹ ಪೂರ್ವಭಾವಿಯಾಗಿ ನೀಡುವ ಎಚ್ಚರಿಕೆಗಳನ್ನು ಸರಿಯಾಗಿ ಅರ್ಥ ಮಾಡಿಕೊಂಡು ಸಮಸ್ಯೆಗಳು ಕೈ ಮೀರಿ ಹೋಗುವ ಮೊದಲು ಅವುಗಳಿಂದ ಮುಕ್ತಿ ಪಡೆಯಬೇಕಾಗಿದೆ. ತಜ್ಞರು ಹೇಳುವ ಪ್ರಕಾರ ನಮ್ಮ ದೇಹದ ಮಾತನ್ನು ನಾವು ಕೇಳಿ ಆರೋಗ್ಯ ಕಾಪಾಡಿಕೊಳ್ಳಬೇಕಾಗುತ್ತದೆ. ಹಾಗಾದರೆ ಸಮಸ್ಯೆಗಳು ಬರುವ ಮೊದಲು ದೇಹ ಯಾವ ರೀತಿಯ ಮಾಹಿತಿ ನೀಡುತ್ತದೆ? ನಿಮ್ಮ ಜೀವನಶೈಲಿಯಲ್ಲಿ ಬದಲಾವಣೆ ಮಾಡಿಕೊಳ್ಳುವುದು ಹೇಗೆ? ಎಂಬುದನ್ನು ತಿಳಿದುಕೊಳ್ಳಿ. ಸಾಮಾನ್ಯವಾಗಿ ಕೆಲವು ಆರೋಗ್ಯ ಸಮಸ್ಯೆಗಳು ಬರುವುದಕ್ಕಿಂತ ಮೊದಲು ದೇಹವು ನಮಗೆ ಕೆಲವು ಸಂಕೇತಗಳನ್ನು ನೀಡುತ್ತದೆ. ಆದರೆ ನಾವು ಅವುಗಳನ್ನು ಗಮನಿಸದೇ ನಿರ್ಲಕ್ಷಿಸುತ್ತೇವೆ. ಆದರೆ ಈ ರೀತಿ ಮಾಡುವುದು ಸರಿಯಲ್ಲ. ದೇಹ ನೀಡುವ ಎಚ್ಚರಿಕೆಗಳನ್ನು ನಾವು ಸರಿಯಾಗಿ ಅರ್ಥ ಮಾಡಿಕೊಳ್ಳಬೇಕು. ಸಾಮಾನ್ಯವಾಗಿ, ನಿಮ್ಮ ಬಾಯಿ ಅಥವಾ ತುಟಿಗಳ ಬಳಿ ಬಿಳಿ ಕಲೆಗಳು ಕಂಡುಬಂದರೆ ವಿಟಮಿನ್ ಬಿ ಕೊರತೆಯಿರಬಹುದು. ಇದು ಬಿ ಜೀವಸತ್ವದ ಕೊರತೆಯ ಲಕ್ಷಣವಾಗಿದೆ. ಇದನ್ನು ತಡೆಯಲು ನೀವು ಹಾಲು, ಮೊಟ್ಟೆ ಮತ್ತು ಹಸಿರು ತರಕಾರಿಗಳನ್ನು ಸೇವಿಸಬೇಕು. ನಿಮಗೆ ತೀವ್ರವಾದ ಬೆನ್ನು ನೋವು ಇದ್ದರೆ ನಿಮಗೆ

ವಿಟಮಿನ್ ಡಿ ಕೊರತೆಯಿದೆ. ಹಾಗಾಗಿ ನೀವು ಸಾಧ್ಯವಾದಷ್ಟು ನೇರವಾಗಿ ಕುಳಿತುಕೊಳ್ಳಿ. ಬೆಳಿಗ್ಗಿನ ಸೂರ್ಯನ ಕಿರಣ ನಿಮ್ಮ ದೇಹಕ್ಕೆ ಬೀಳುವಂತೆ ನೋಡಿಕೊಳ್ಳಿ. ವಿಟಮಿನ್ ಬಿ ಸಮೃದ್ಧ ಆಹಾರವನ್ನು ಸೇವಿಸಿ. ನಿಮಗೆ ಆಗಾಗ ಹೃದಯ ಬಡಿತದಲ್ಲಿ ಏರುಪೇರು ಕಂಡುಬಂದರೆ ಅದು ಮೆಗ್ನೀಸಿಯಮ್ ಕೊರತೆಯ ಲಕ್ಷಣ. ನೀವು ಬಾಳೆಹಣ್ಣು, ಬಾದಾಮಿ ಮತ್ತು ಪಾಲಕ್ ಸೊಪ್ಪನ್ನು ಹೆಚ್ಚು ಸೇವಿಸಿ. ನಿರಂತರವಾಗಿ ಅಯಾಸ ಮತ್ತು ನಿದ್ರೆ ಬರುತ್ತಿದ್ದರೆ ನಿಮ್ಮ ದೇಹದಲ್ಲಿ ವಿಟಮಿನ್ ಬಿ12 ಮತ್ತು ಕಬ್ಬಿಣದ ಕೊರತೆ ಇರಬಹುದು. ಸಾಮಾನ್ಯವಾಗಿ ದೇಹದಲ್ಲಿ ನೀರಿನಂಶ ಕಡಿಮೆಯಾದರೆ ಆಯಾಸ ಉಂಟಾಗುತ್ತದೆ. ಹಾಗಾಗಿ ದಿನದಲ್ಲಿ ಸಾಕಷ್ಟು ನೀರು ಕುಡಿಯುವುದನ್ನು ಮರೆಯಬೇಡಿ. ಅಲ್ಲದೆ ಒತ್ತಡ ನಿಮ್ಮ ನಿದ್ದೆಗೆ ಅಡ್ಡಿಪಡಿಸುತ್ತದೆ.

ಜೊತೆಗೆ ಆಯಾಸವನ್ನು ಹೆಚ್ಚಿಸುತ್ತದೆ. ಆದ್ದರಿಂದ ಒತ್ತಡ ಕಡಿಮೆ ಮಾಡಿಕೊಳ್ಳಲು ಧ್ಯಾನ, ಯೋಗ ಅಥವಾ ಯಾವುದೇ ರೀತಿಯ ವಿಶ್ರಾಂತಿ ಚಟುವಟಿಕೆಗಳ ಮೂಲಕ ಒತ್ತಡವನ್ನು ಕಡಿಮೆ ಮಾಡಿಕೊಳ್ಳಿ. ನಿಮ್ಮ ಕಣ್ಣಿನ ಸುತ್ತ ಕಪ್ಪು ಕಲೆಗಳು ಕಂಡು ಬರುತ್ತಿದ್ದರೆ ನಿಮ್ಮ ದೇಹದಲ್ಲಿ ವಿಟಮಿನ್ ಇ ಮತ್ತು ಕೆ ಕೊರತೆಯಿರಬಹುದು. ಹಾಗಾಗಿ ನೀವು ಬೀಜಗಳು ಮತ್ತು ಹಸಿರು ಎಲೆಗಳ ತರಕಾರಿಗಳನ್ನು ಸೇವಿಸಿ. ನಿಮಗೆ ಕೂದಲು ಉದುರುವ ಸಮಸ್ಯೆ ಇದ್ದರೆ ಅದು ಬಯೋಟಿನ್ ಮತ್ತು ವಿಟಮಿನ್ ಬಿ 12 ಕೊರತೆಯ ಲಕ್ಷಣವಾಗಿದೆ. ಹಾಗಾಗಿ ಪ್ರತಿನಿತ್ಯ ಕೂದಲನ್ನು ಸರಿಯಾಗಿ ಬಾಚಿ. ಇದು ಇರುವುದರಿಂದ ಕೂದಲನ್ನು ಬಾಚಿಕೊಳ್ಳಿ. ಜೊತೆಗೆ ಸಾಧ್ಯವಾದಷ್ಟು ಒತ್ತಡವನ್ನು ಕಡಿಮೆ ಮಾಡಿಕೊಳ್ಳಿ.
